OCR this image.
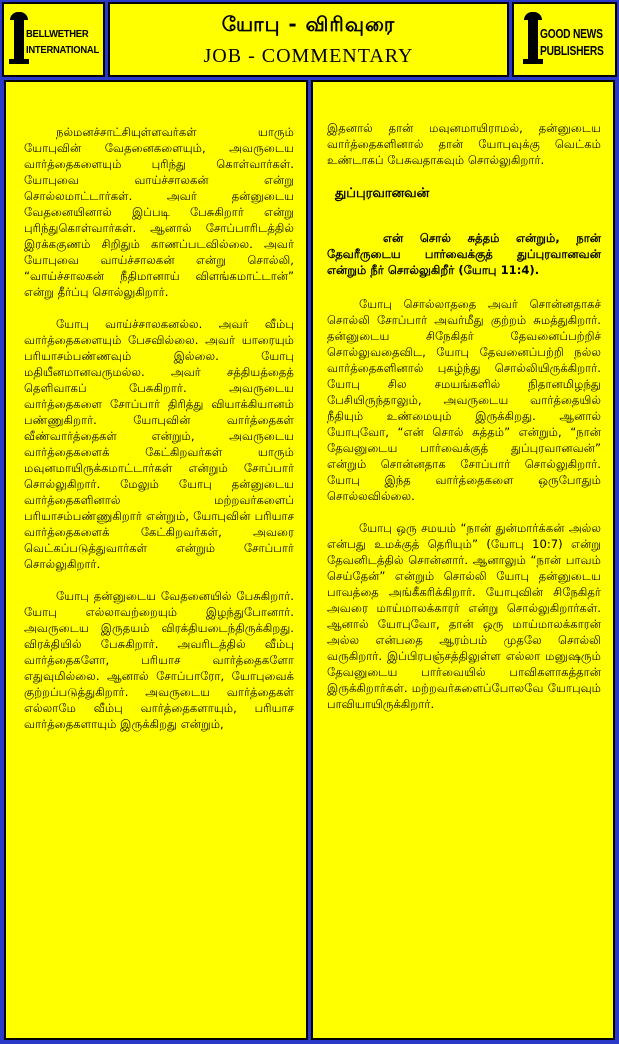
BELLWETHER
INTERNATIONAL
யோபு - விரிவுரை
JOB - COMMENTARY
GOOD NEWS
PUBLISHERS

நல்மனச்சாட்சியுள்ளவர்கள் யாரும் யோபுவின் வேதனைகளையும், அவருடைய வார்த்தைகளையும் புரிந்து கொள்வார்கள். யோபுவை வாய்ச்சாலகன் என்று சொல்லமாட்டார்கள். அவர் தன்னுடைய வேதனையினால் இப்படி பேசுகிறார் என்று புரிந்துகொள்வார்கள். ஆனால் சோப்பாரிடத்தில் இரக்ககுணம் சிறிதும் காணப்படவில்லை. அவர் யோபுவை வாய்ச்சாலகன் என்று சொல்லி, “வாய்ச்சாலகன் நீதிமானாய் விளங்கமாட்டான்” என்று தீர்ப்பு சொல்லுகிறார்.

யோபு வாய்ச்சாலகனல்ல. அவர் வீம்பு வார்த்தைகளையும் பேசவில்லை. அவர் யாரையும் பரியாசம்பண்ணவும் இல்லை. யோபு மதியீனமானவருமல்ல. அவர் சத்தியத்தைத் தெளிவாகப் பேசுகிறார். அவருடைய வார்த்தைகளை சோப்பார் திரித்து வியாக்கியானம் பண்ணுகிறார். யோபுவின் வார்த்தைகள் வீண்வார்த்தைகள் என்றும், அவருடைய வார்த்தைகளைக் கேட்கிறவர்கள் யாரும் மவுனமாயிருக்கமாட்டார்கள் என்றும் சோப்பார் சொல்லுகிறார். மேலும் யோபு தன்னுடைய வார்த்தைகளினால் மற்றவர்களைப் பரியாசம்பண்ணுகிறார் என்றும், யோபுவின் பரியாச வார்த்தைகளைக் கேட்கிறவர்கள், அவரை வெட்கப்படுத்துவார்கள் என்றும் சோப்பார் சொல்லுகிறார்.

யோபு தன்னுடைய வேதனையில் பேசுகிறார். யோபு எல்லாவற்றையும் இழந்துபோனார். அவருடைய இருதயம் விரக்தியடைந்திருக்கிறது. விரக்தியில் பேசுகிறார். அவரிடத்தில் வீம்பு வார்த்தைகளோ, பரியாச வார்த்தைகளோ எதுவுமில்லை. ஆனால் சோப்பாரோ, யோபுவைக் குற்றப்படுத்துகிறார். அவருடைய வார்த்தைகள் எல்லாமே வீம்பு வார்த்தைகளாயும், பரியாச வார்த்தைகளாயும் இருக்கிறது என்றும்,

இதனால் தான் மவுனமாயிராமல், தன்னுடைய வார்த்தைகளினால் தான் யோபுவுக்கு வெட்கம் உண்டாகப் பேசுவதாகவும் சொல்லுகிறார்.

துப்புரவானவன்

என் சொல் சுத்தம் என்றும், நான் தேவரீருடைய பார்வைக்குத் துப்புரவானவன் என்றும் நீர் சொல்லுகிறீர் (யோபு 11:4).

யோபு சொல்லாததை அவர் சொன்னதாகச் சொல்லி சோப்பார் அவர்மீது குற்றம் சுமத்துகிறார். தன்னுடைய சிநேகிதர் தேவனைப்பற்றிச் சொல்லுவதைவிட, யோபு தேவனைப்பற்றி நல்ல வார்த்தைகளினால் புகழ்ந்து சொல்லியிருக்கிறார். யோபு சில சமயங்களில் நிதானமிழந்து பேசியிருந்தாலும், அவருடைய வார்த்தையில் நீதியும் உண்மையும் இருக்கிறது. ஆனால் யோபுவோ, “என் சொல் சுத்தம்” என்றும், “நான் தேவனுடைய பார்வைக்குத் துப்புரவானவன்” என்றும் சொன்னதாக சோப்பார் சொல்லுகிறார். யோபு இந்த வார்த்தைகளை ஒருபோதும் சொல்லவில்லை.

யோபு ஒரு சமயம் “நான் துன்மார்க்கன் அல்ல என்பது உமக்குத் தெரியும்” (யோபு 10:7) என்று தேவனிடத்தில் சொன்னார். ஆனாலும் “நான் பாவம் செய்தேன்” என்றும் சொல்லி யோபு தன்னுடைய பாவத்தை அங்கீகரிக்கிறார். யோபுவின் சிநேகிதர் அவரை மாய்மாலக்காரர் என்று சொல்லுகிறார்கள். ஆனால் யோபுவோ, தான் ஒரு மாய்மாலக்காரன் அல்ல என்பதை ஆரம்பம் முதலே சொல்லி வருகிறார். இப்பிரபஞ்சத்திலுள்ள எல்லா மனுஷரும் தேவனுடைய பார்வையில் பாவிகளாகத்தான் இருக்கிறார்கள். மற்றவர்களைப்போலவே யோபுவும் பாவியாயிருக்கிறார்.
